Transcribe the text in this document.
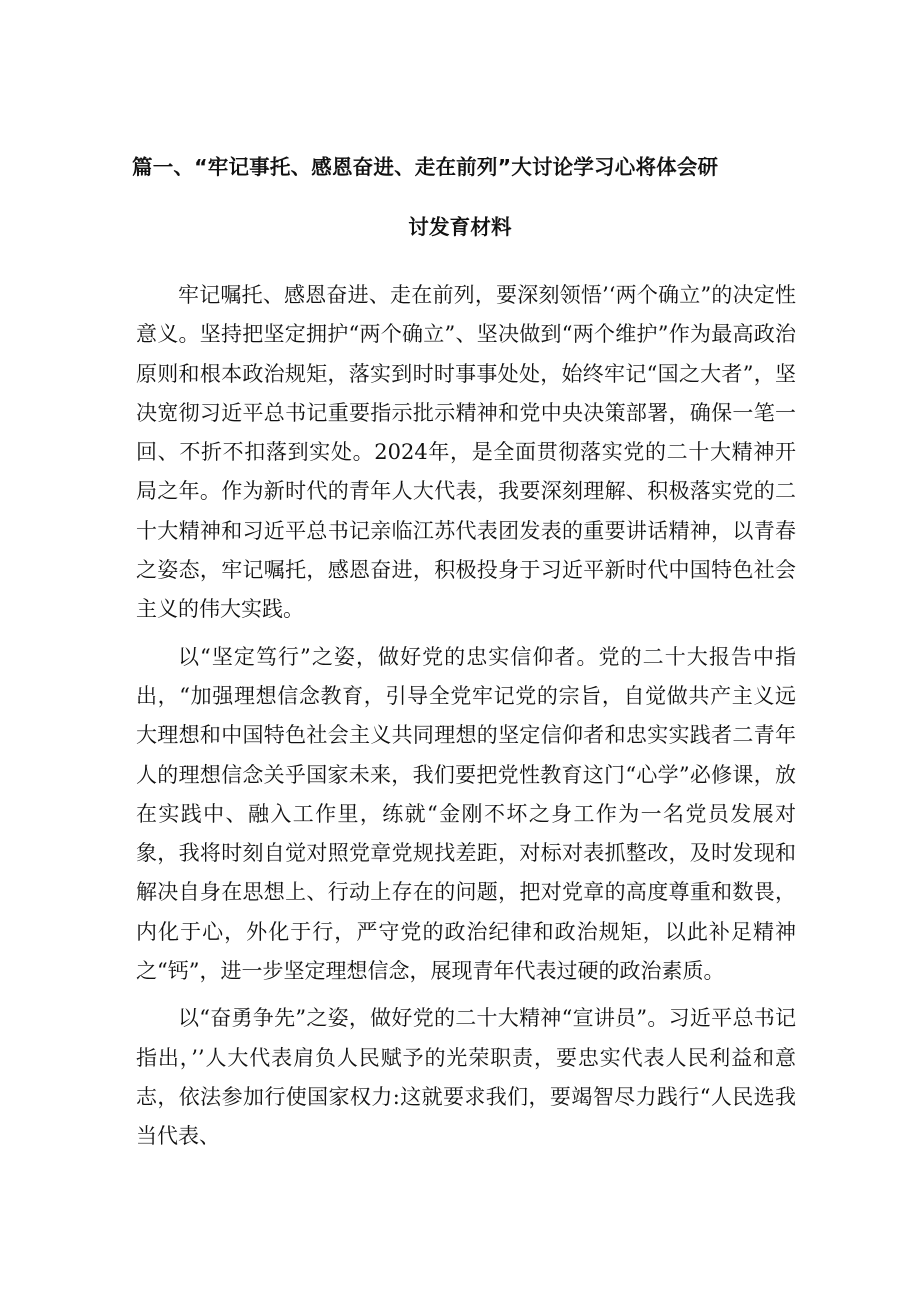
篇一、“牢记事托、感恩奋进、走在前列”大讨论学习心将体会研
讨发育材料

牢记嘱托、感恩奋进、走在前列，要深刻领悟’‘两个确立”的决定性意义。坚持把坚定拥护“两个确立”、坚决做到“两个维护”作为最高政治原则和根本政治规矩，落实到时时事事处处，始终牢记“国之大者”，坚决宽彻习近平总书记重要指示批示精神和党中央决策部署，确保一笔一回、不折不扣落到实处。2024年，是全面贯彻落实党的二十大精神开局之年。作为新时代的青年人大代表，我要深刻理解、积极落实党的二十大精神和习近平总书记亲临江苏代表团发表的重要讲话精神，以青春之姿态，牢记嘱托，感恩奋进，积极投身于习近平新时代中国特色社会主义的伟大实践。

以“坚定笃行”之姿，做好党的忠实信仰者。党的二十大报告中指出，“加强理想信念教育，引导全党牢记党的宗旨，自觉做共产主义远大理想和中国特色社会主义共同理想的坚定信仰者和忠实实践者二青年人的理想信念关乎国家未来，我们要把党性教育这门“心学”必修课，放在实践中、融入工作里，练就“金刚不坏之身工作为一名党员发展对象，我将时刻自觉对照党章党规找差距，对标对表抓整改，及时发现和解决自身在思想上、行动上存在的问题，把对党章的高度尊重和数畏，内化于心，外化于行，严守党的政治纪律和政治规矩，以此补足精神之“钙”，进一步坚定理想信念，展现青年代表过硬的政治素质。

以“奋勇争先”之姿，做好党的二十大精神“宣讲员”。习近平总书记指出，’’人大代表肩负人民赋予的光荣职责，要忠实代表人民利益和意志，依法参加行使国家权力:这就要求我们，要竭智尽力践行“人民选我当代表、
